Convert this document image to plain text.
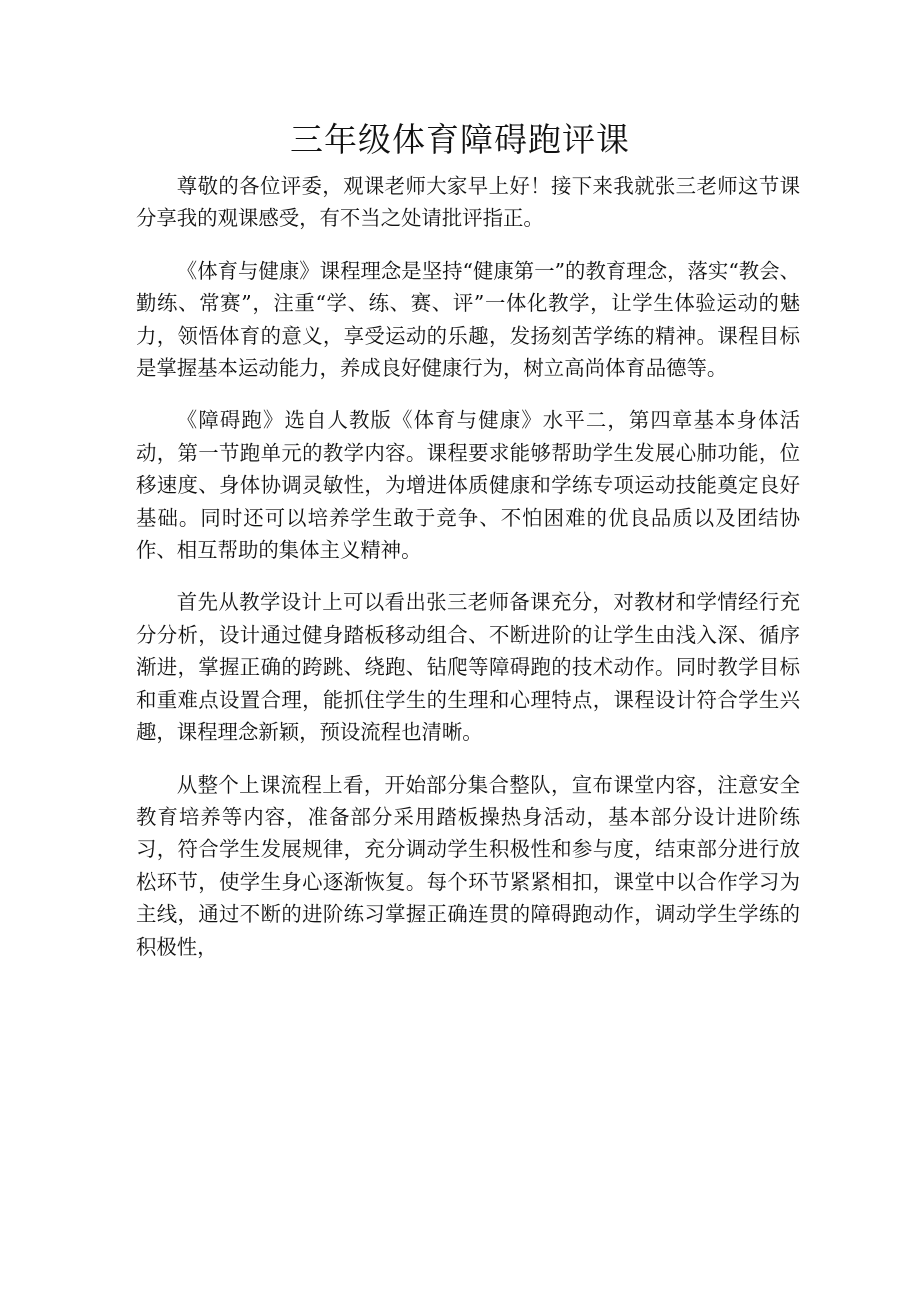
三年级体育障碍跑评课

尊敬的各位评委，观课老师大家早上好！接下来我就张三老师这节课分享我的观课感受，有不当之处请批评指正。

《体育与健康》课程理念是坚持“健康第一”的教育理念，落实“教会、勤练、常赛”，注重“学、练、赛、评”一体化教学，让学生体验运动的魅力，领悟体育的意义，享受运动的乐趣，发扬刻苦学练的精神。课程目标是掌握基本运动能力，养成良好健康行为，树立高尚体育品德等。

《障碍跑》选自人教版《体育与健康》水平二，第四章基本身体活动，第一节跑单元的教学内容。课程要求能够帮助学生发展心肺功能，位移速度、身体协调灵敏性，为增进体质健康和学练专项运动技能奠定良好基础。同时还可以培养学生敢于竞争、不怕困难的优良品质以及团结协作、相互帮助的集体主义精神。

首先从教学设计上可以看出张三老师备课充分，对教材和学情经行充分分析，设计通过健身踏板移动组合、不断进阶的让学生由浅入深、循序渐进，掌握正确的跨跳、绕跑、钻爬等障碍跑的技术动作。同时教学目标和重难点设置合理，能抓住学生的生理和心理特点，课程设计符合学生兴趣，课程理念新颖，预设流程也清晰。

从整个上课流程上看，开始部分集合整队，宣布课堂内容，注意安全教育培养等内容，准备部分采用踏板操热身活动，基本部分设计进阶练习，符合学生发展规律，充分调动学生积极性和参与度，结束部分进行放松环节，使学生身心逐渐恢复。每个环节紧紧相扣，课堂中以合作学习为主线，通过不断的进阶练习掌握正确连贯的障碍跑动作，调动学生学练的积极性，
